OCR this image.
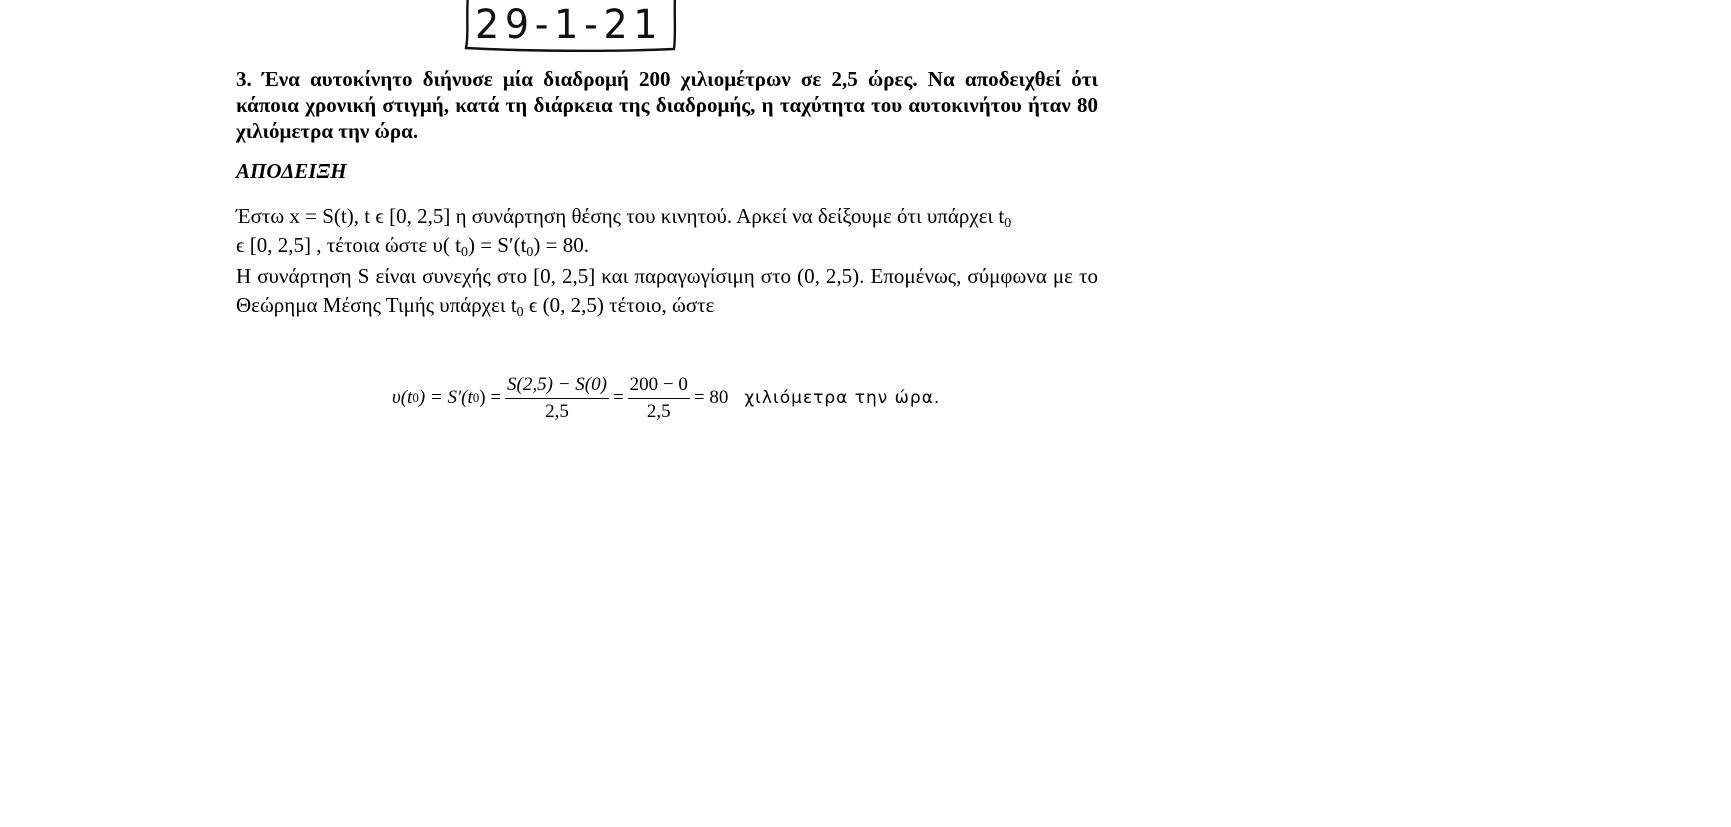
29-1-21

3. Ένα αυτοκίνητο διήνυσε μία διαδρομή 200 χιλιομέτρων σε 2,5 ώρες. Να αποδειχθεί ότι κάποια χρονική στιγμή, κατά τη διάρκεια της διαδρομής, η ταχύτητα του αυτοκινήτου ήταν 80 χιλιόμετρα την ώρα.

ΑΠΟΔΕΙΞΗ

Έστω x = S(t), t ϵ [0, 2,5] η συνάρτηση θέσης του κινητού. Αρκεί να δείξουμε ότι υπάρχει $t_0$
ϵ [0, 2,5] , τέτοια ώστε υ( $t_0) = S'(t_0) = 80$.

Η συνάρτηση S είναι συνεχής στο [0, 2,5] και παραγωγίσιμη στο (0, 2,5). Επομένως, σύμφωνα με το Θεώρημα Μέσης Τιμής υπάρχει $t_0$ ϵ (0, 2,5) τέτοιο, ώστε

υ(t 0 ) = S′(t 0 ) = $\frac{S(2,5) - S(0)}{2,5} = \frac{200 - 0}{2,5} = 80$ χιλιόμετρα την ώρα.
